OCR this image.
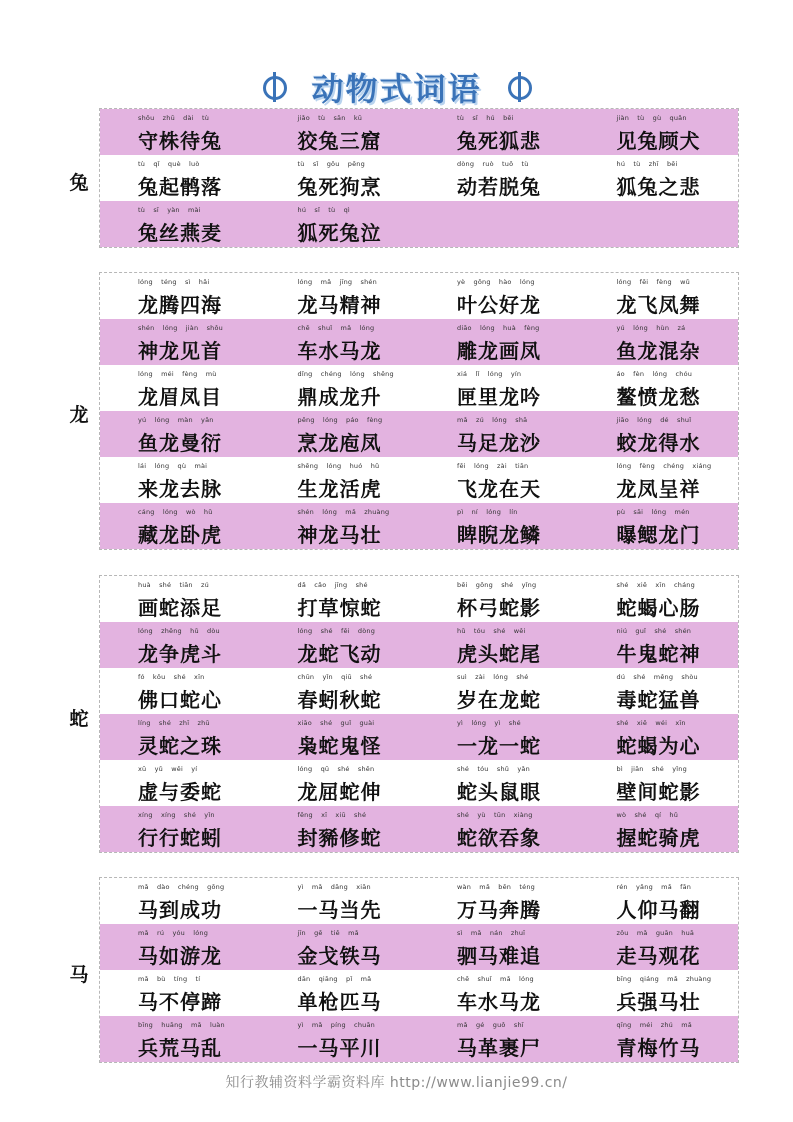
动物式词语
shǒu zhū dài tù
守株待兔
jiǎo tù sān kū
狡兔三窟
tù sǐ hú bēi
兔死狐悲
jiàn tù gù quǎn
见兔顾犬
tù qǐ què luò
兔起鹘落
tù sǐ gǒu pēng
兔死狗烹
dòng ruò tuō tù
动若脱兔
hú tù zhī bēi
狐兔之悲
tù sī yàn mài
兔丝燕麦
hú sǐ tù qì
狐死兔泣
兔
lóng téng sì hǎi
龙腾四海
lóng mǎ jīng shén
龙马精神
yè gōng hào lóng
叶公好龙
lóng fēi fèng wǔ
龙飞凤舞
shén lóng jiàn shǒu
神龙见首
chē shuǐ mǎ lóng
车水马龙
diāo lóng huà fèng
雕龙画凤
yú lóng hùn zá
鱼龙混杂
lóng méi fèng mù
龙眉凤目
dǐng chéng lóng shēng
鼎成龙升
xiá lǐ lóng yín
匣里龙吟
áo fèn lóng chóu
鳌愤龙愁
yú lóng màn yǎn
鱼龙曼衍
pēng lóng páo fèng
烹龙庖凤
mǎ zú lóng shā
马足龙沙
jiāo lóng dé shuǐ
蛟龙得水
lái lóng qù mài
来龙去脉
shēng lóng huó hǔ
生龙活虎
fēi lóng zài tiān
飞龙在天
lóng fèng chéng xiáng
龙凤呈祥
cáng lóng wò hǔ
藏龙卧虎
shén lóng mǎ zhuàng
神龙马壮
pì ní lóng lín
睥睨龙鳞
pù sāi lóng mén
曝鳃龙门
龙
huà shé tiān zú
画蛇添足
dǎ cǎo jīng shé
打草惊蛇
bēi gōng shé yǐng
杯弓蛇影
shé xiē xīn cháng
蛇蝎心肠
lóng zhēng hǔ dòu
龙争虎斗
lóng shé fēi dòng
龙蛇飞动
hǔ tóu shé wěi
虎头蛇尾
niú guǐ shé shén
牛鬼蛇神
fó kǒu shé xīn
佛口蛇心
chūn yǐn qiū shé
春蚓秋蛇
suì zài lóng shé
岁在龙蛇
dú shé měng shòu
毒蛇猛兽
líng shé zhī zhū
灵蛇之珠
xiāo shé guǐ guài
枭蛇鬼怪
yì lóng yì shé
一龙一蛇
shé xiē wéi xīn
蛇蝎为心
xū yǔ wěi yí
虚与委蛇
lóng qū shé shēn
龙屈蛇伸
shé tóu shǔ yǎn
蛇头鼠眼
bì jiān shé yǐng
壁间蛇影
xíng xíng shé yǐn
行行蛇蚓
fēng xī xiū shé
封豨修蛇
shé yù tūn xiàng
蛇欲吞象
wò shé qí hǔ
握蛇骑虎
蛇
mǎ dào chéng gōng
马到成功
yì mǎ dāng xiān
一马当先
wàn mǎ bēn téng
万马奔腾
rén yǎng mǎ fān
人仰马翻
mǎ rú yóu lóng
马如游龙
jīn gē tiě mǎ
金戈铁马
sì mǎ nán zhuī
驷马难追
zǒu mǎ guān huā
走马观花
mǎ bù tíng tí
马不停蹄
dān qiāng pǐ mǎ
单枪匹马
chē shuǐ mǎ lóng
车水马龙
bīng qiáng mǎ zhuàng
兵强马壮
bīng huāng mǎ luàn
兵荒马乱
yì mǎ píng chuān
一马平川
mǎ gé guǒ shī
马革裹尸
qīng méi zhú mǎ
青梅竹马
马
知行教辅资料学霸资料库 http://www.lianjie99.cn/
